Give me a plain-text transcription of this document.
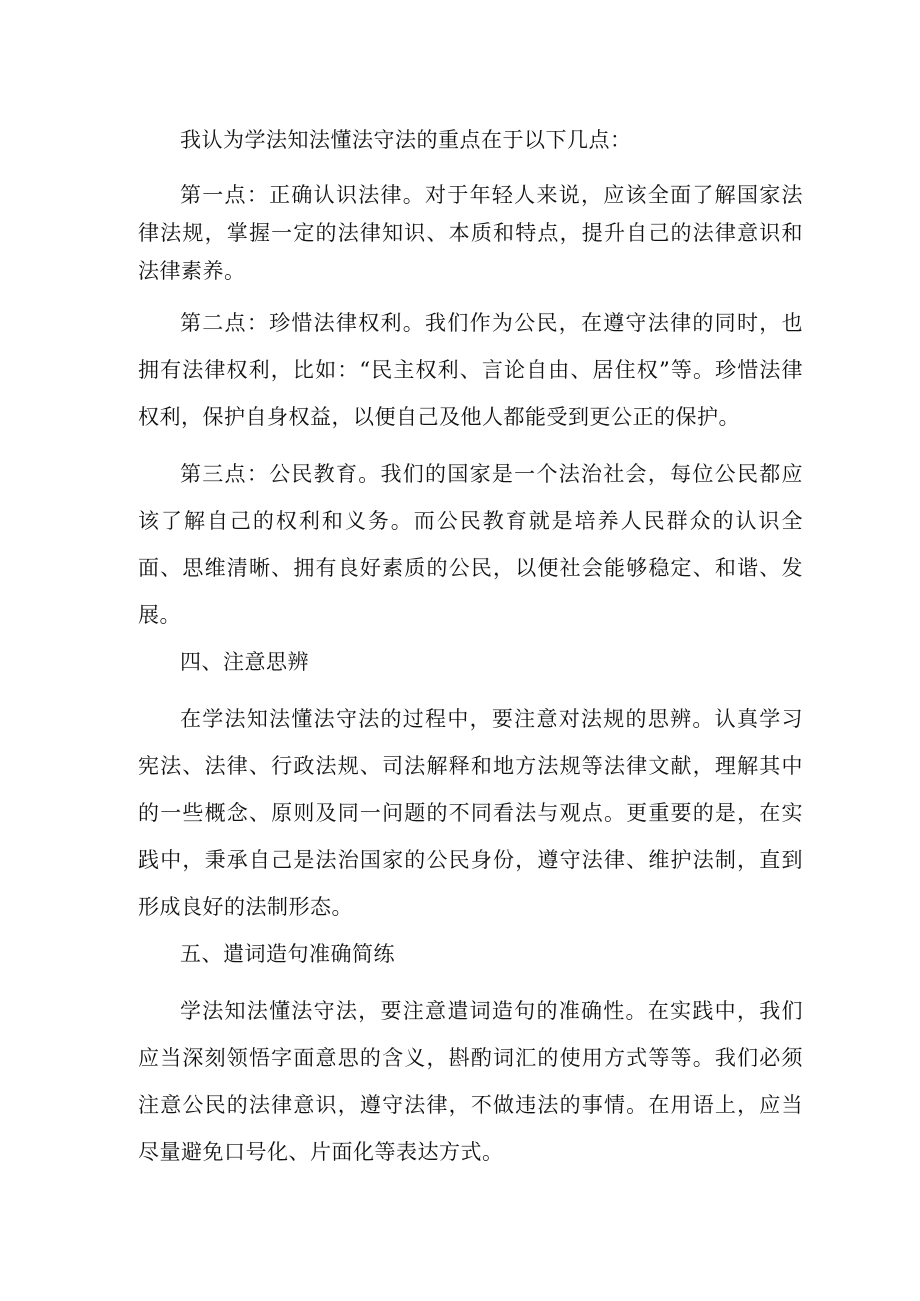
我认为学法知法懂法守法的重点在于以下几点：

第一点：正确认识法律。对于年轻人来说，应该全面了解国家法律法规，掌握一定的法律知识、本质和特点，提升自己的法律意识和法律素养。

第二点：珍惜法律权利。我们作为公民，在遵守法律的同时，也拥有法律权利，比如：“民主权利、言论自由、居住权”等。珍惜法律权利，保护自身权益，以便自己及他人都能受到更公正的保护。

第三点：公民教育。我们的国家是一个法治社会，每位公民都应该了解自己的权利和义务。而公民教育就是培养人民群众的认识全面、思维清晰、拥有良好素质的公民，以便社会能够稳定、和谐、发展。

四、注意思辨

在学法知法懂法守法的过程中，要注意对法规的思辨。认真学习宪法、法律、行政法规、司法解释和地方法规等法律文献，理解其中的一些概念、原则及同一问题的不同看法与观点。更重要的是，在实践中，秉承自己是法治国家的公民身份，遵守法律、维护法制，直到形成良好的法制形态。

五、遣词造句准确简练

学法知法懂法守法，要注意遣词造句的准确性。在实践中，我们应当深刻领悟字面意思的含义，斟酌词汇的使用方式等等。我们必须注意公民的法律意识，遵守法律，不做违法的事情。在用语上，应当尽量避免口号化、片面化等表达方式。
